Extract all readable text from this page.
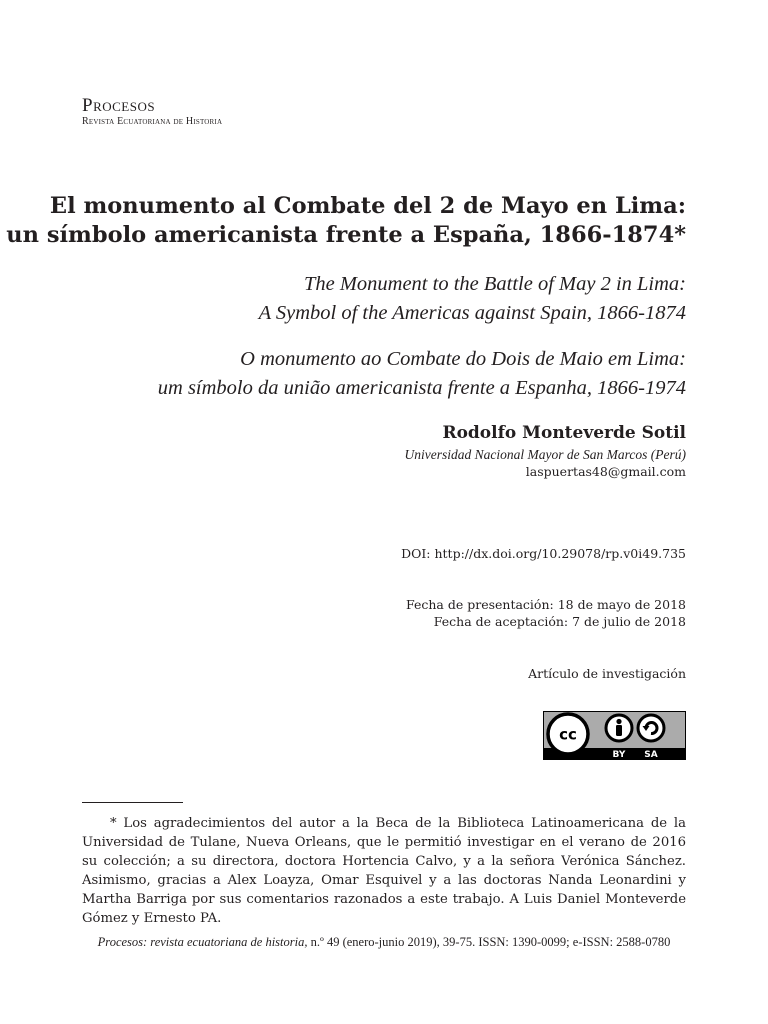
Procesos
Revista Ecuatoriana de Historia
El monumento al Combate del 2 de Mayo en Lima:
un símbolo americanista frente a España, 1866-1874*
The Monument to the Battle of May 2 in Lima:
A Symbol of the Americas against Spain, 1866-1874
O monumento ao Combate do Dois de Maio em Lima:
um símbolo da união americanista frente a Espanha, 1866-1974
Rodolfo Monteverde Sotil
Universidad Nacional Mayor de San Marcos (Perú)
laspuertas48@gmail.com
DOI: http://dx.doi.org/10.29078/rp.v0i49.735
Fecha de presentación: 18 de mayo de 2018
Fecha de aceptación: 7 de julio de 2018
Artículo de investigación
cc
BY SA
* Los agradecimientos del autor a la Beca de la Biblioteca Latinoamericana de la Universidad de Tulane, Nueva Orleans, que le permitió investigar en el verano de 2016 su colección; a su directora, doctora Hortencia Calvo, y a la señora Verónica Sánchez. Asimismo, gracias a Alex Loayza, Omar Esquivel y a las doctoras Nanda Leonardini y Martha Barriga por sus comentarios razonados a este trabajo. A Luis Daniel Monteverde Gómez y Ernesto PA.
Procesos: revista ecuatoriana de historia, n.º 49 (enero-junio 2019), 39-75. ISSN: 1390-0099; e-ISSN: 2588-0780
